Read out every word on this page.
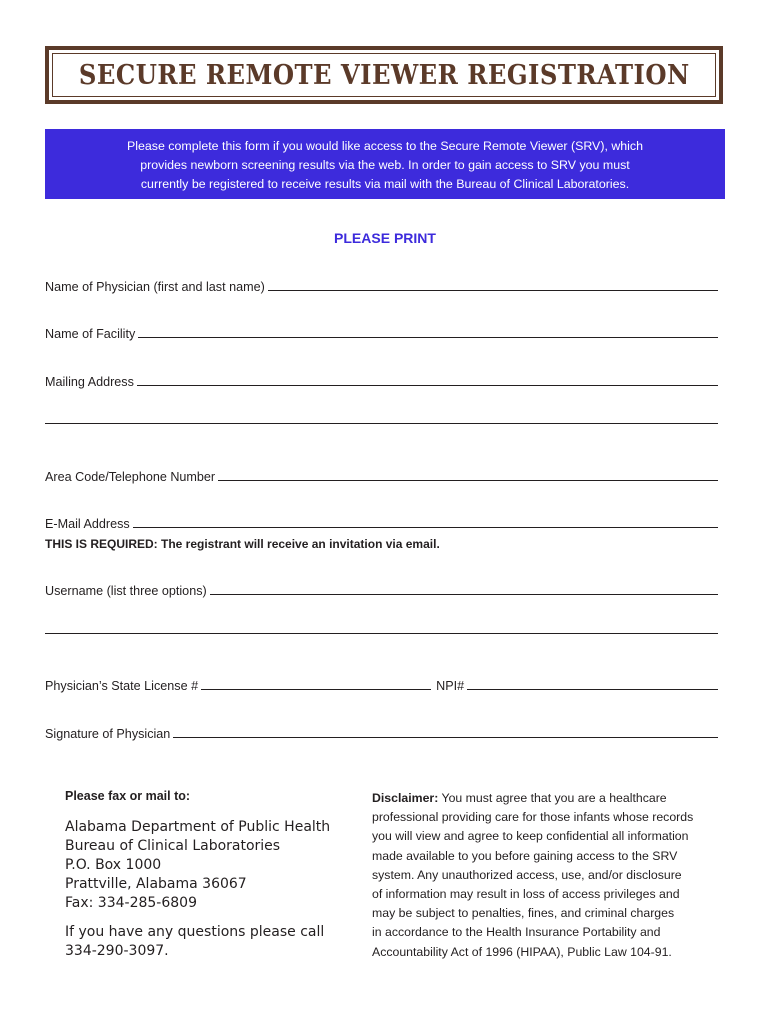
SECURE REMOTE VIEWER REGISTRATION
Please complete this form if you would like access to the Secure Remote Viewer (SRV), which
provides newborn screening results via the web. In order to gain access to SRV you must
currently be registered to receive results via mail with the Bureau of Clinical Laboratories.
PLEASE PRINT
Name of Physician (first and last name)
Name of Facility
Mailing Address
Area Code/Telephone Number
E-Mail Address
THIS IS REQUIRED: The registrant will receive an invitation via email.
Username (list three options)
Physician’s State License #	NPI#
Signature of Physician
Please fax or mail to:
Alabama Department of Public Health
Bureau of Clinical Laboratories
P.O. Box 1000
Prattville, Alabama 36067
Fax: 334-285-6809
If you have any questions please call
334-290-3097.
Disclaimer: You must agree that you are a healthcare
professional providing care for those infants whose records
you will view and agree to keep confidential all information
made available to you before gaining access to the SRV
system. Any unauthorized access, use, and/or disclosure
of information may result in loss of access privileges and
may be subject to penalties, fines, and criminal charges
in accordance to the Health Insurance Portability and
Accountability Act of 1996 (HIPAA), Public Law 104-91.
